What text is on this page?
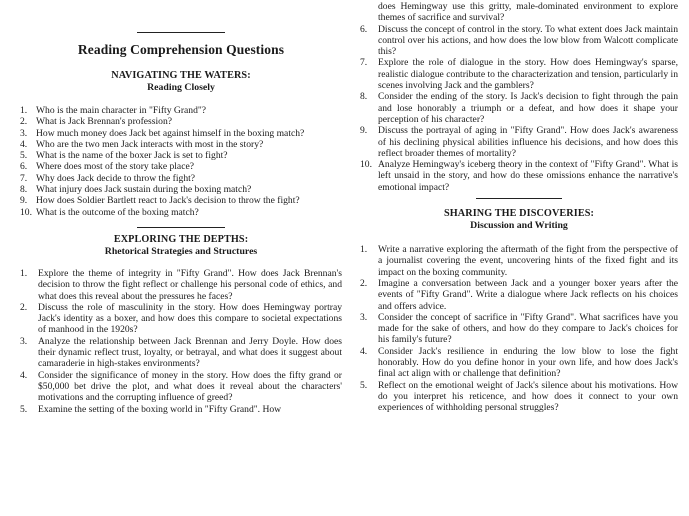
Reading Comprehension Questions
NAVIGATING THE WATERS:
Reading Closely
1. Who is the main character in "Fifty Grand"?
2. What is Jack Brennan's profession?
3. How much money does Jack bet against himself in the boxing match?
4. Who are the two men Jack interacts with most in the story?
5. What is the name of the boxer Jack is set to fight?
6. Where does most of the story take place?
7. Why does Jack decide to throw the fight?
8. What injury does Jack sustain during the boxing match?
9. How does Soldier Bartlett react to Jack's decision to throw the fight?
10. What is the outcome of the boxing match?
EXPLORING THE DEPTHS:
Rhetorical Strategies and Structures
1. Explore the theme of integrity in "Fifty Grand". How does Jack Brennan's decision to throw the fight reflect or challenge his personal code of ethics, and what does this reveal about the pressures he faces?
2. Discuss the role of masculinity in the story. How does Hemingway portray Jack's identity as a boxer, and how does this compare to societal expectations of manhood in the 1920s?
3. Analyze the relationship between Jack Brennan and Jerry Doyle. How does their dynamic reflect trust, loyalty, or betrayal, and what does it suggest about camaraderie in high-stakes environments?
4. Consider the significance of money in the story. How does the fifty grand or $50,000 bet drive the plot, and what does it reveal about the characters' motivations and the corrupting influence of greed?
5. Examine the setting of the boxing world in "Fifty Grand". How
does Hemingway use this gritty, male-dominated environment to explore themes of sacrifice and survival?
6. Discuss the concept of control in the story. To what extent does Jack maintain control over his actions, and how does the low blow from Walcott complicate this?
7. Explore the role of dialogue in the story. How does Hemingway's sparse, realistic dialogue contribute to the characterization and tension, particularly in scenes involving Jack and the gamblers?
8. Consider the ending of the story. Is Jack's decision to fight through the pain and lose honorably a triumph or a defeat, and how does it shape your perception of his character?
9. Discuss the portrayal of aging in "Fifty Grand". How does Jack's awareness of his declining physical abilities influence his decisions, and how does this reflect broader themes of mortality?
10. Analyze Hemingway's iceberg theory in the context of "Fifty Grand". What is left unsaid in the story, and how do these omissions enhance the narrative's emotional impact?
SHARING THE DISCOVERIES:
Discussion and Writing
1. Write a narrative exploring the aftermath of the fight from the perspective of a journalist covering the event, uncovering hints of the fixed fight and its impact on the boxing community.
2. Imagine a conversation between Jack and a younger boxer years after the events of "Fifty Grand". Write a dialogue where Jack reflects on his choices and offers advice.
3. Consider the concept of sacrifice in "Fifty Grand". What sacrifices have you made for the sake of others, and how do they compare to Jack's choices for his family's future?
4. Consider Jack's resilience in enduring the low blow to lose the fight honorably. How do you define honor in your own life, and how does Jack's final act align with or challenge that definition?
5. Reflect on the emotional weight of Jack's silence about his motivations. How do you interpret his reticence, and how does it connect to your own experiences of withholding personal struggles?
